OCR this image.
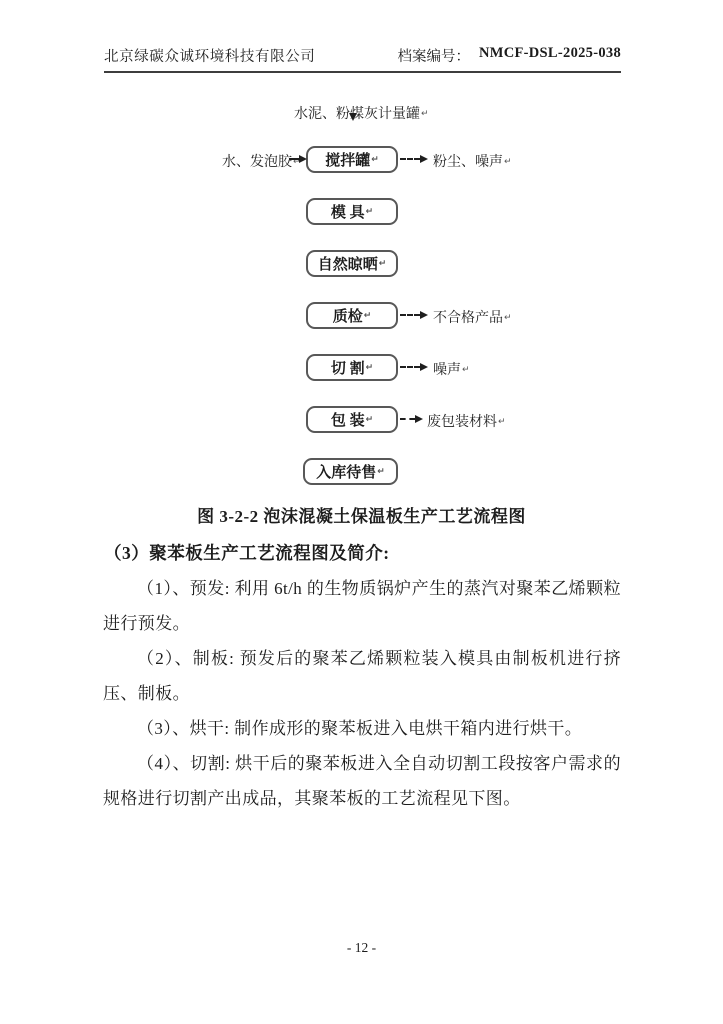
北京绿碳众诚环境科技有限公司	档案编号： NMCF-DSL-2025-038
水泥、粉煤灰计量罐↵
搅拌罐 ↵
模 具 ↵
自然晾晒 ↵
质检 ↵
切 割 ↵
包 装 ↵
入库待售 ↵
水、发泡胶↵	粉尘、噪声↵
不合格产品↵
噪声↵
废包装材料↵
图 3-2-2 泡沫混凝土保温板生产工艺流程图
（3）聚苯板生产工艺流程图及简介:

（1）、预发: 利用 6t/h 的生物质锅炉产生的蒸汽对聚苯乙烯颗粒进行预发。

（2）、制板: 预发后的聚苯乙烯颗粒装入模具由制板机进行挤压、制板。

（3）、烘干: 制作成形的聚苯板进入电烘干箱内进行烘干。

（4）、切割: 烘干后的聚苯板进入全自动切割工段按客户需求的规格进行切割产出成品，其聚苯板的工艺流程见下图。

- 12 -
